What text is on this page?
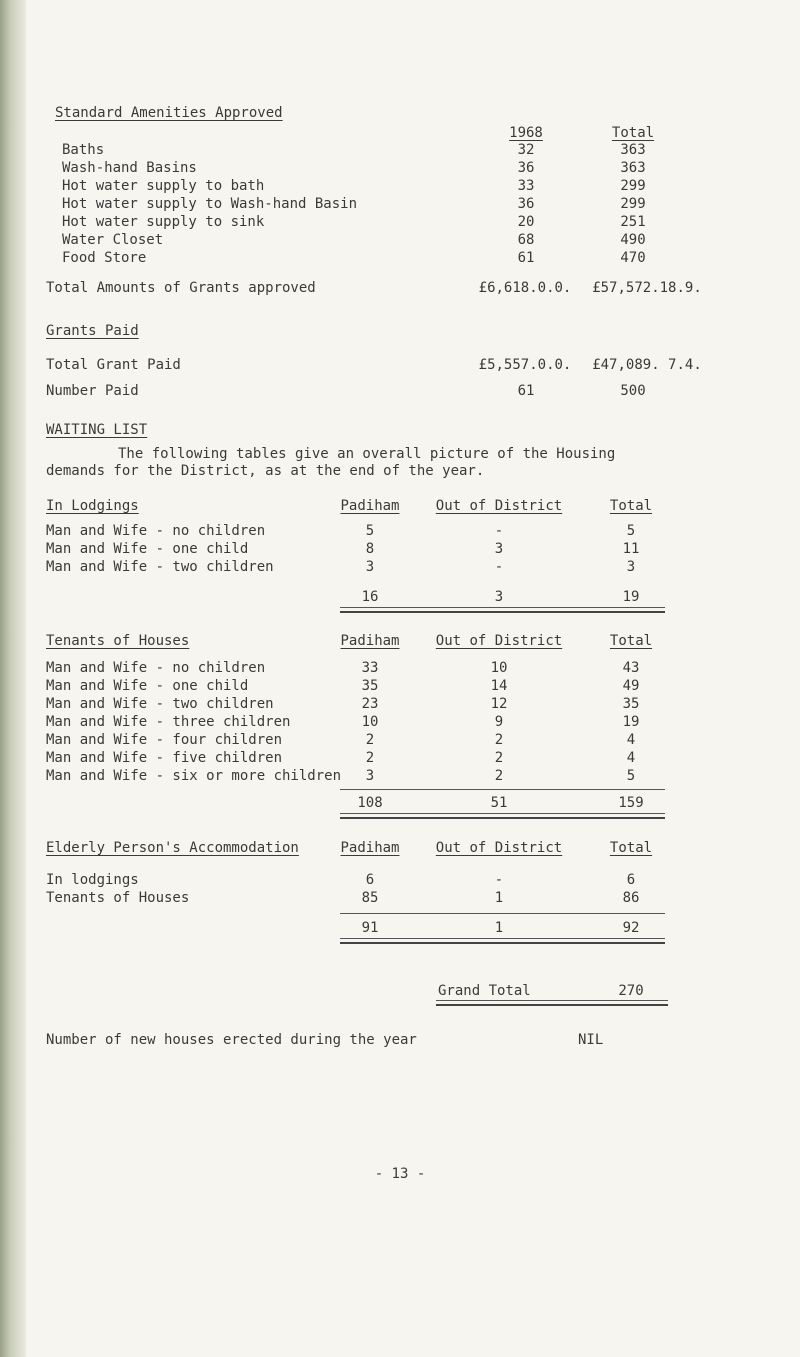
Standard Amenities Approved
1968	Total
Baths	32	363
Wash-hand Basins	36	363
Hot water supply to bath	33	299
Hot water supply to Wash-hand Basin	36	299
Hot water supply to sink	20	251
Water Closet	68	490
Food Store	61	470
Total Amounts of Grants approved	£6,618.0.0.	£57,572.18.9.
Grants Paid
Total Grant Paid	£5,557.0.0.	£47,089. 7.4.
Number Paid	61	500
WAITING LIST
The following tables give an overall picture of the Housing
demands for the District, as at the end of the year.
In Lodgings	Padiham	Out of District	Total
Man and Wife - no children	5	-	5
Man and Wife - one child	8	3	11
Man and Wife - two children	3	-	3
16	3	19
Tenants of Houses	Padiham	Out of District	Total
Man and Wife - no children	33	10	43
Man and Wife - one child	35	14	49
Man and Wife - two children	23	12	35
Man and Wife - three children	10	9	19
Man and Wife - four children	2	2	4
Man and Wife - five children	2	2	4
Man and Wife - six or more children	3	2	5
108	51	159
Elderly Person's Accommodation	Padiham	Out of District	Total
In lodgings	6	-	6
Tenants of Houses	85	1	86
91	1	92
Grand Total	270
Number of new houses erected during the year	NIL
- 13 -
